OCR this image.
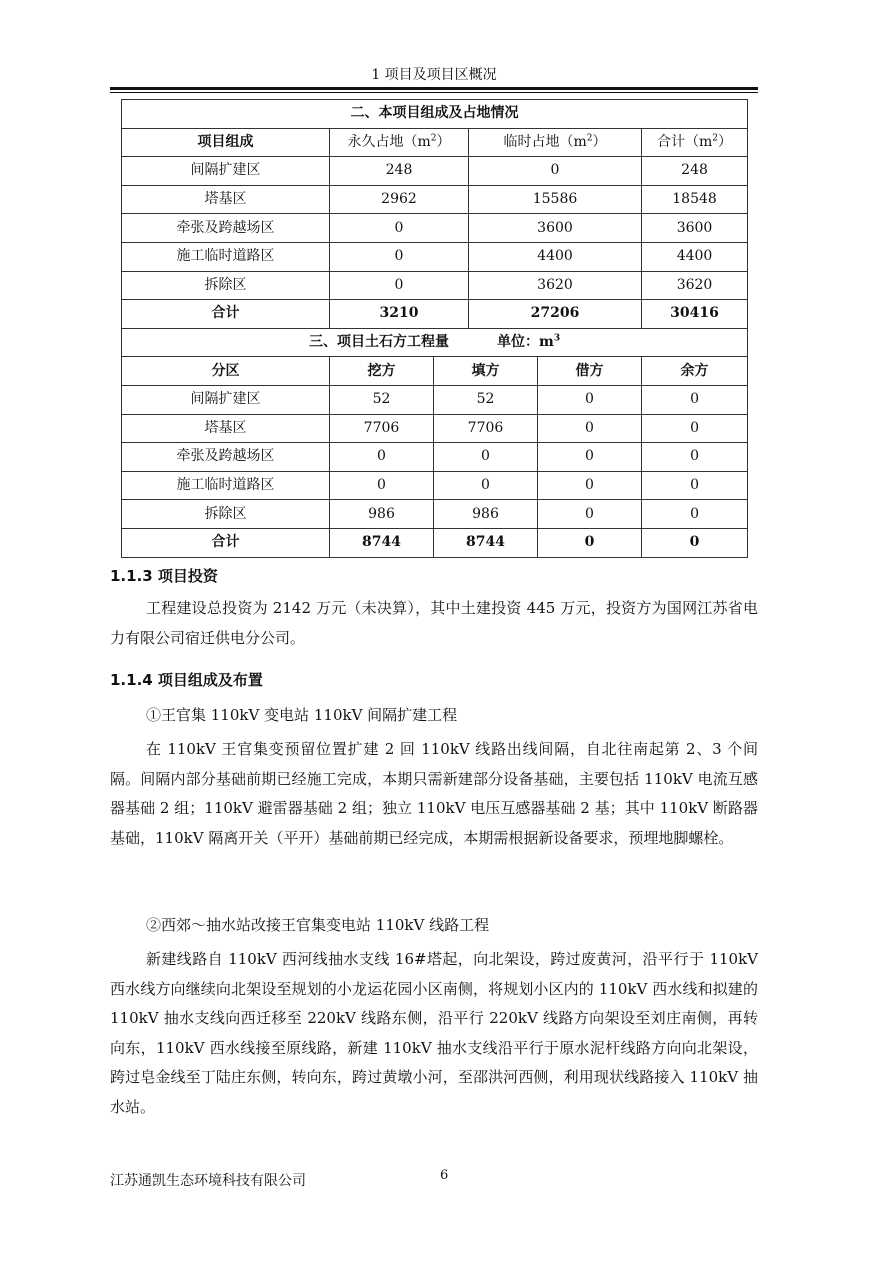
1 项目及项目区概况
二、本项目组成及占地情况					
项目组成	永久占地$(m^2)$		临时占地$(m^2)$		合计$(m^2)$
间隔扩建区	248		0		248
塔基区	2962		15586		18548
牵张及跨越场区	0		3600		3600
施工临时道路区	0		4400		4400
拆除区	0		3620		3620
合计	3210		27206		30416
三、项目土石方工程量 单位：$m^3$
分区	挖方	填方		借方	余方
间隔扩建区	52	52		0	0
塔基区	7706	7706		0	0
牵张及跨越场区	0	0		0	0
施工临时道路区	0	0		0	0
拆除区	986	986		0	0
合计	8744	8744		0	0
1.1.3 项目投资
工程建设总投资为 2142 万元（未决算），其中土建投资 445 万元，投资方为国网江苏省电力有限公司宿迁供电分公司。
1.1.4 项目组成及布置
①王官集 110kV 变电站 110kV 间隔扩建工程
在 110kV 王官集变预留位置扩建 2 回 110kV 线路出线间隔，自北往南起第 2、3 个间隔。间隔内部分基础前期已经施工完成，本期只需新建部分设备基础，主要包括 110kV 电流互感器基础 2 组；110kV 避雷器基础 2 组；独立 110kV 电压互感器基础 2 基；其中 110kV 断路器基础，110kV 隔离开关（平开）基础前期已经完成，本期需根据新设备要求，预埋地脚螺栓。
②西郊～抽水站改接王官集变电站 110kV 线路工程
新建线路自 110kV 西河线抽水支线 16#塔起，向北架设，跨过废黄河，沿平行于 110kV 西水线方向继续向北架设至规划的小龙运花园小区南侧，将规划小区内的 110kV 西水线和拟建的 110kV 抽水支线向西迁移至 220kV 线路东侧，沿平行 220kV 线路方向架设至刘庄南侧，再转向东，110kV 西水线接至原线路，新建 110kV 抽水支线沿平行于原水泥杆线路方向向北架设，跨过皂金线至丁陆庄东侧，转向东，跨过黄墩小河，至邵洪河西侧，利用现状线路接入 110kV 抽水站。
江苏通凯生态环境科技有限公司	6
